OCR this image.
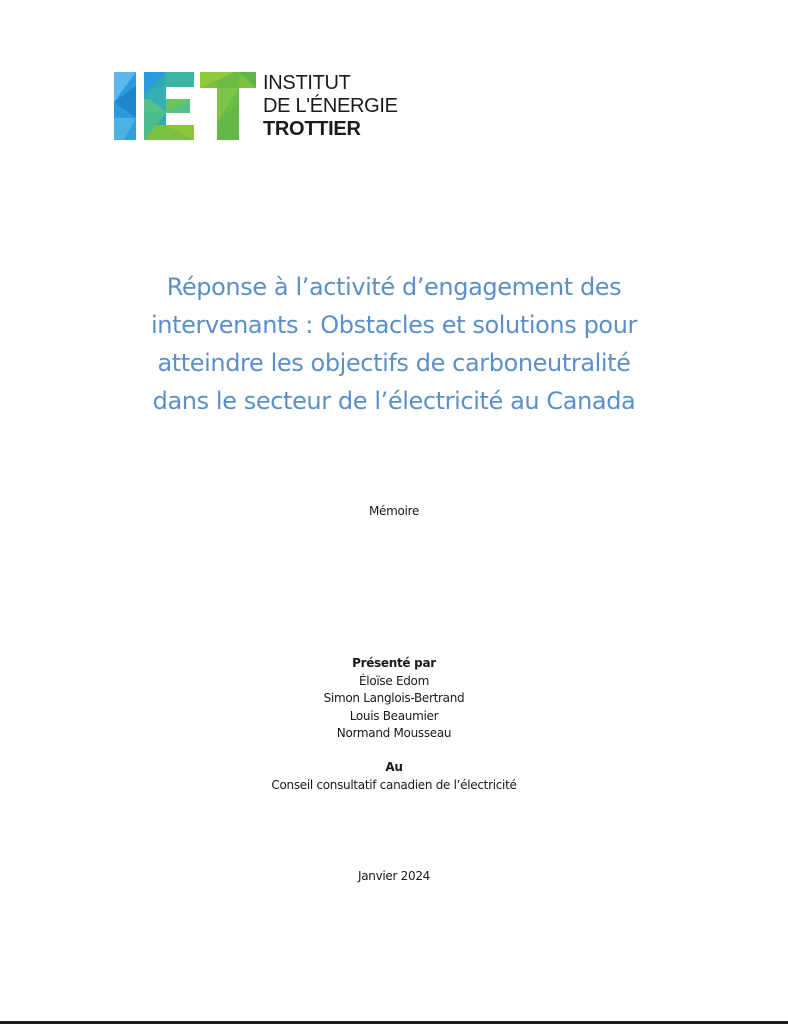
INSTITUT
DE L'ÉNERGIE
TROTTIER
Réponse à l’activité d’engagement des
intervenants : Obstacles et solutions pour
atteindre les objectifs de carboneutralité
dans le secteur de l’électricité au Canada

Mémoire

Présenté par
Éloïse Edom
Simon Langlois-Bertrand
Louis Beaumier
Normand Mousseau
Au
Conseil consultatif canadien de l’électricité

Janvier 2024
